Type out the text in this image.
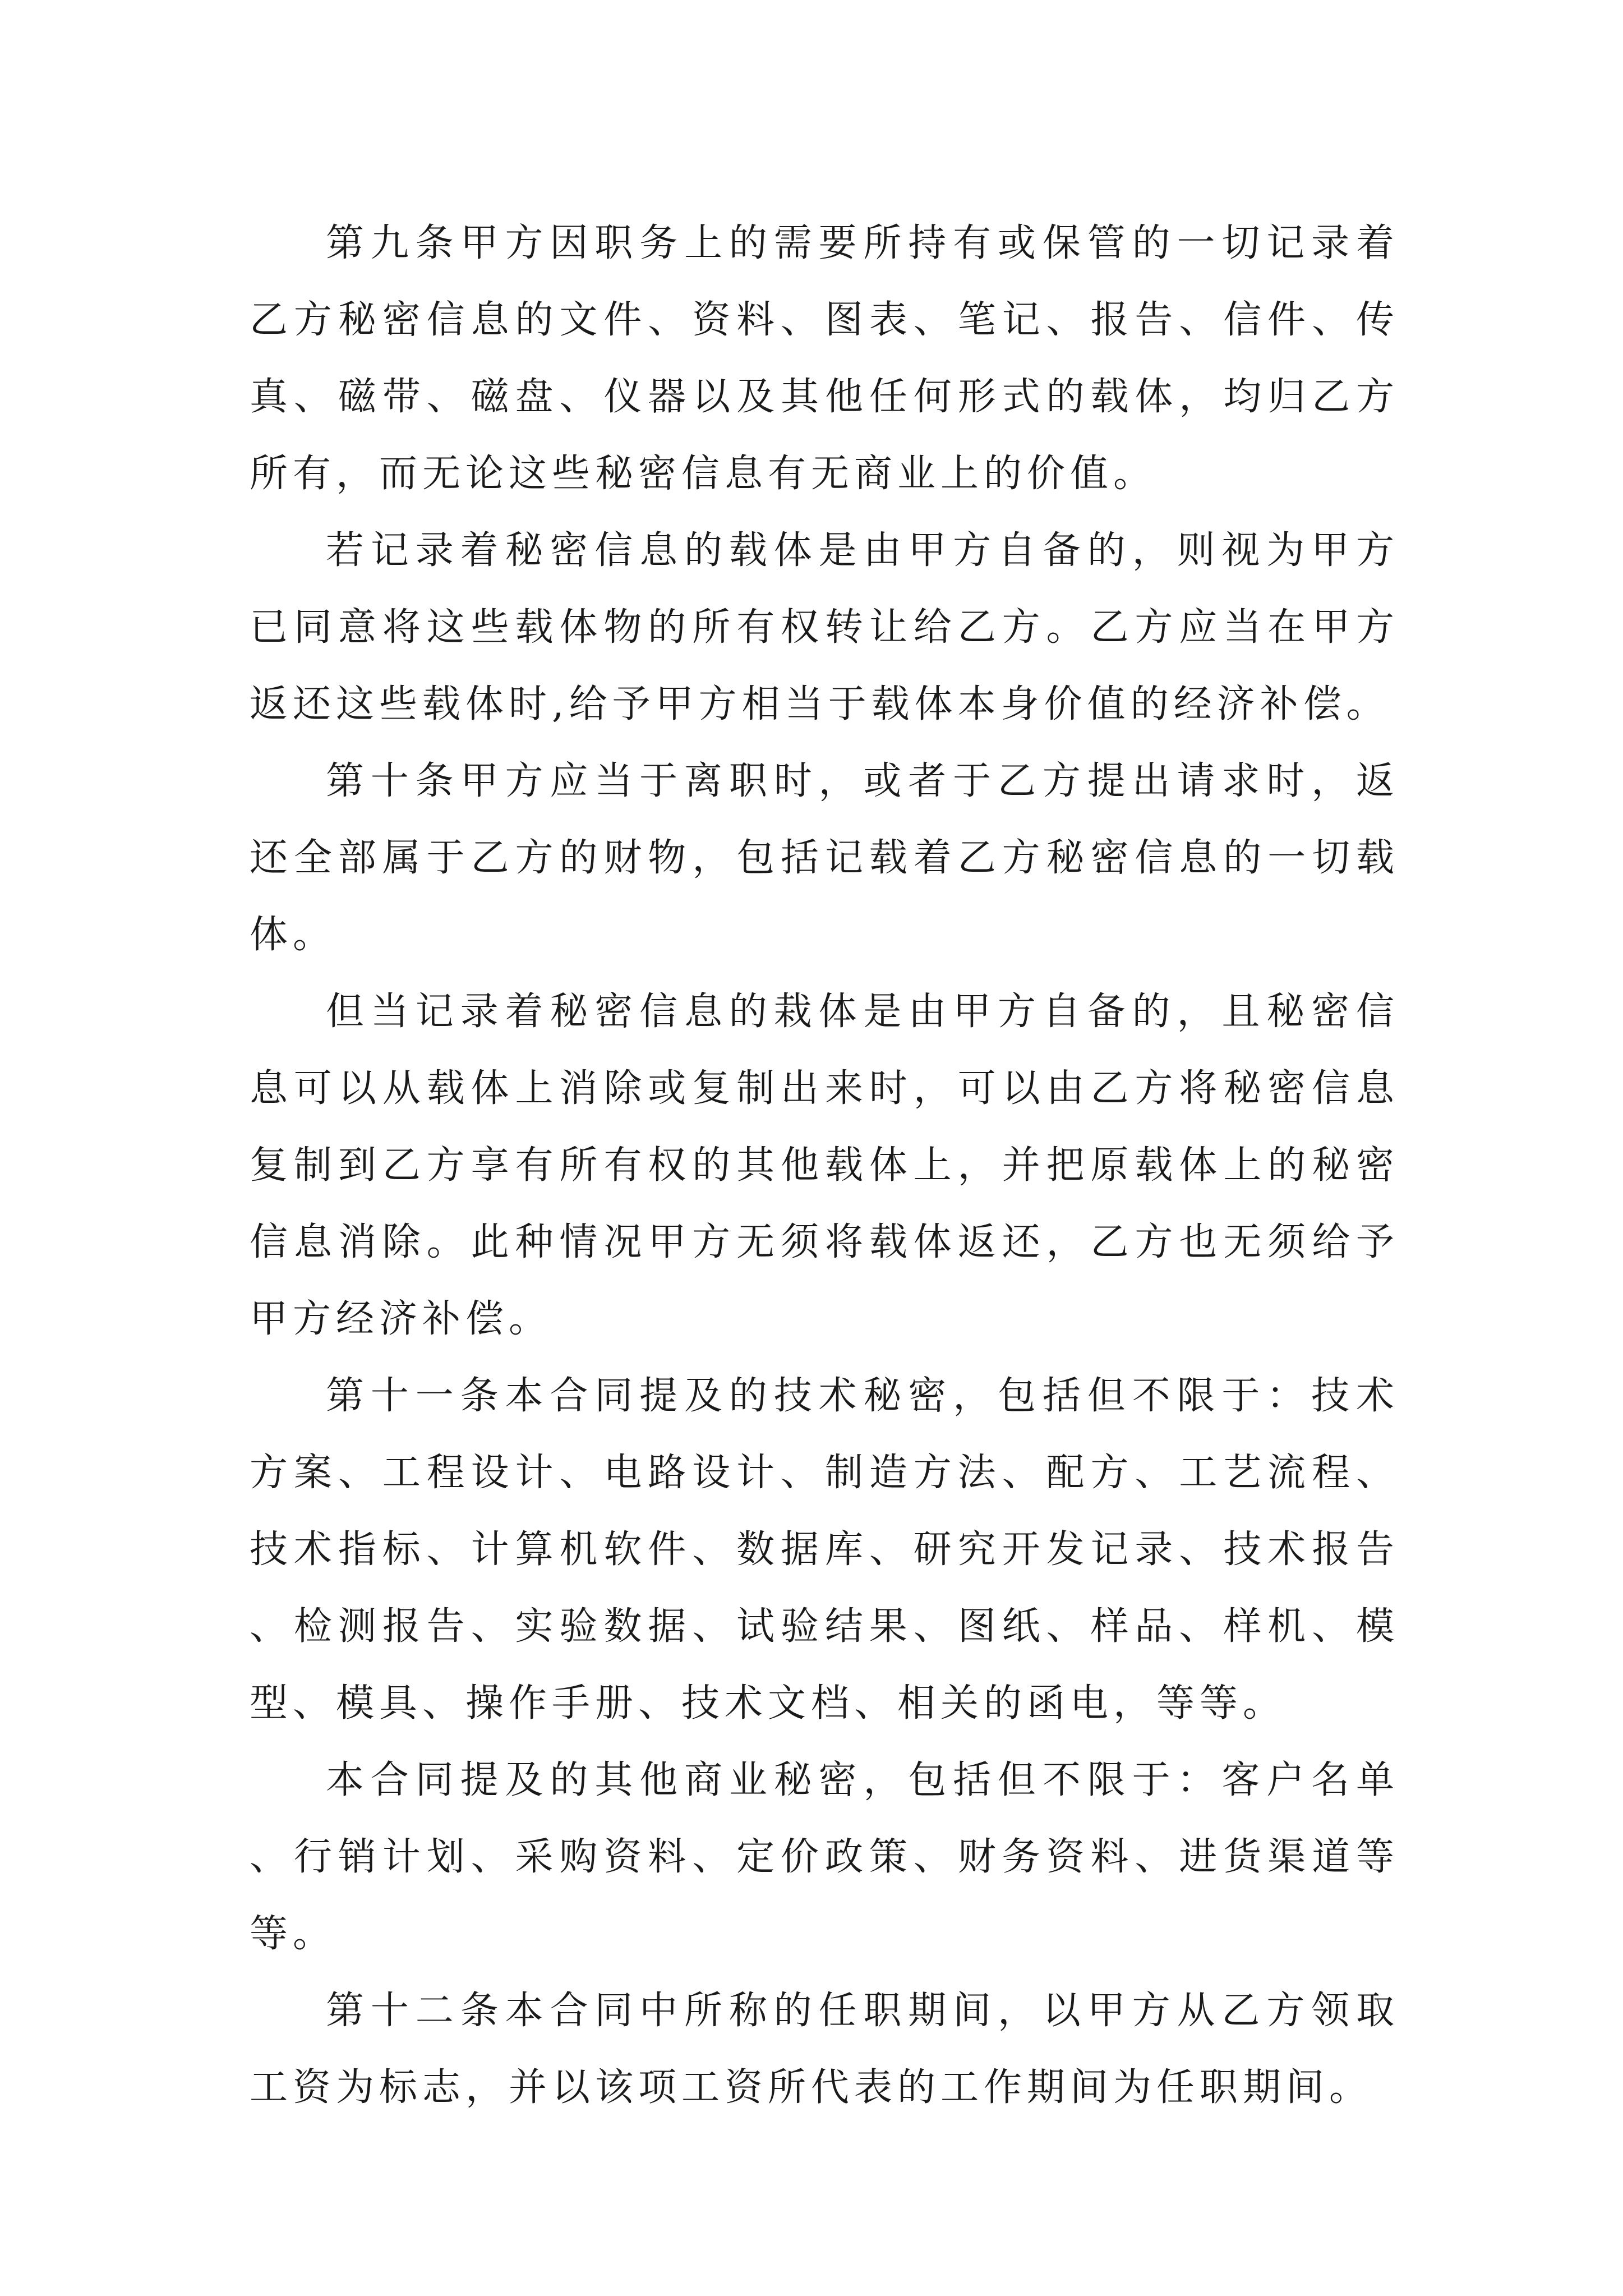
第九条甲方因职务上的需要所持有或保管的一切记录着乙方秘密信息的文件、资料、图表、笔记、报告、信件、传真、磁带、磁盘、仪器以及其他任何形式的载体，均归乙方所有，而无论这些秘密信息有无商业上的价值。

若记录着秘密信息的载体是由甲方自备的，则视为甲方已同意将这些载体物的所有权转让给乙方。乙方应当在甲方返还这些载体时,给予甲方相当于载体本身价值的经济补偿。

第十条甲方应当于离职时，或者于乙方提出请求时，返还全部属于乙方的财物，包括记载着乙方秘密信息的一切载体。

但当记录着秘密信息的栽体是由甲方自备的，且秘密信息可以从载体上消除或复制出来时，可以由乙方将秘密信息复制到乙方享有所有权的其他载体上，并把原载体上的秘密信息消除。此种情况甲方无须将载体返还，乙方也无须给予甲方经济补偿。

第十一条本合同提及的技术秘密，包括但不限于：技术方案、工程设计、电路设计、制造方法、配方、工艺流程、技术指标、计算机软件、数据库、研究开发记录、技术报告、检测报告、实验数据、试验结果、图纸、样品、样机、模型、模具、操作手册、技术文档、相关的函电，等等。

本合同提及的其他商业秘密，包括但不限于：客户名单、行销计划、采购资料、定价政策、财务资料、进货渠道等等。

第十二条本合同中所称的任职期间，以甲方从乙方领取工资为标志，并以该项工资所代表的工作期间为任职期间。
